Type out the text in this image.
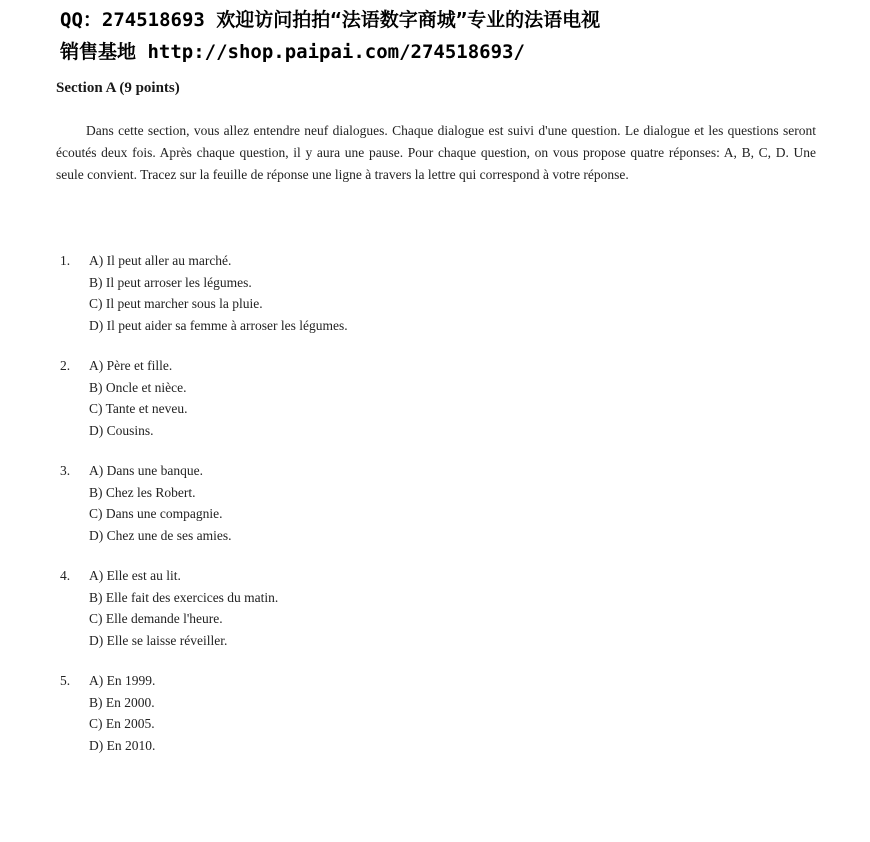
QQ：274518693 欢迎访问拍拍“法语数字商城”专业的法语电视
销售基地 http://shop.paipai.com/274518693/
Section A (9 points)

Dans cette section, vous allez entendre neuf dialogues. Chaque dialogue est suivi d'une question. Le dialogue et les questions seront écoutés deux fois. Après chaque question, il y aura une pause. Pour chaque question, on vous propose quatre réponses: A, B, C, D. Une seule convient. Tracez sur la feuille de réponse une ligne à travers la lettre qui correspond à votre réponse.

1.	A) Il peut aller au marché.
B) Il peut arroser les légumes.
C) Il peut marcher sous la pluie.
D) Il peut aider sa femme à arroser les légumes.
2.	A) Père et fille.
B) Oncle et nièce.
C) Tante et neveu.
D) Cousins.
3.	A) Dans une banque.
B) Chez les Robert.
C) Dans une compagnie.
D) Chez une de ses amies.
4.	A) Elle est au lit.
B) Elle fait des exercices du matin.
C) Elle demande l'heure.
D) Elle se laisse réveiller.
5.	A) En 1999.
B) En 2000.
C) En 2005.
D) En 2010.
